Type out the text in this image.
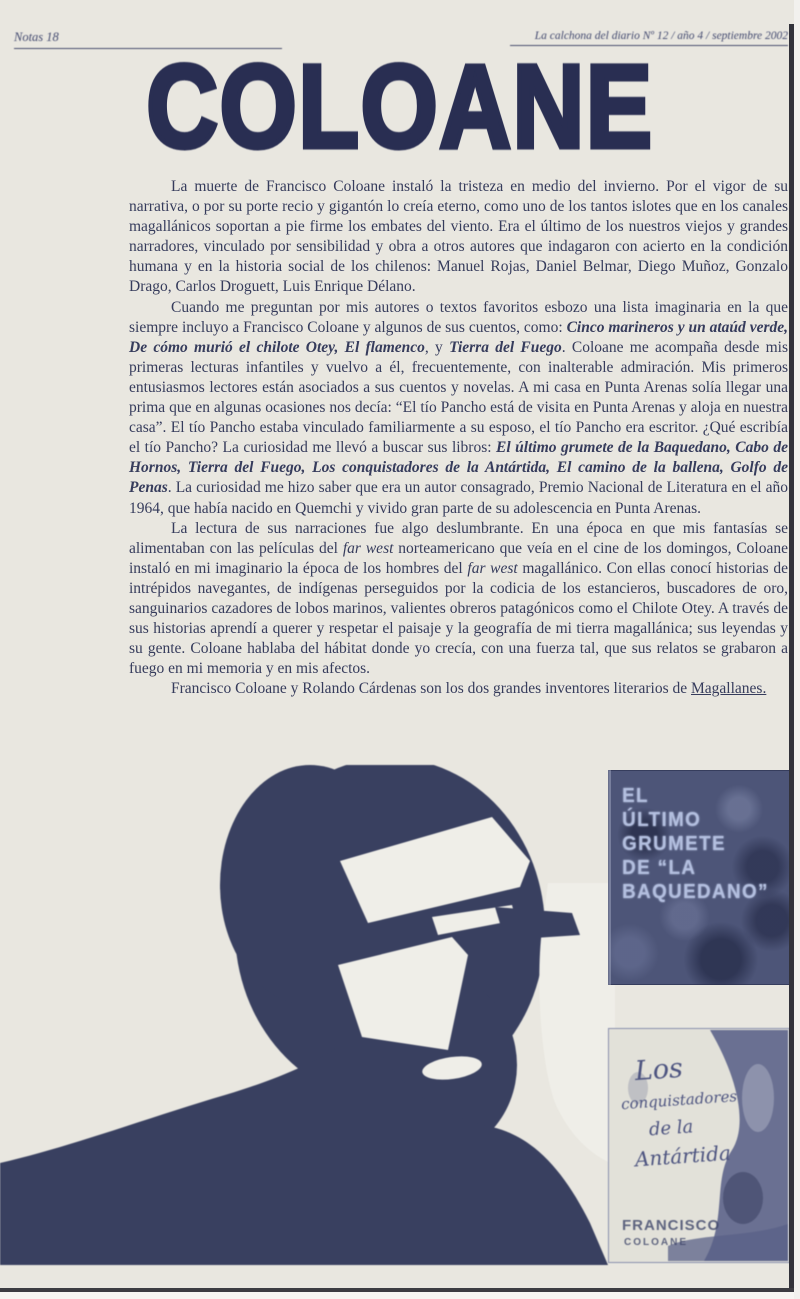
Notas 18	La calchona del diario Nº 12 / año 4 / septiembre 2002
COLOANE

La muerte de Francisco Coloane instaló la tristeza en medio del invierno. Por el vigor de su narrativa, o por su porte recio y gigantón lo creía eterno, como uno de los tantos islotes que en los canales magallánicos soportan a pie firme los embates del viento. Era el último de los nuestros viejos y grandes narradores, vinculado por sensibilidad y obra a otros autores que indagaron con acierto en la condición humana y en la historia social de los chilenos: Manuel Rojas, Daniel Belmar, Diego Muñoz, Gonzalo Drago, Carlos Droguett, Luis Enrique Délano.

Cuando me preguntan por mis autores o textos favoritos esbozo una lista imaginaria en la que siempre incluyo a Francisco Coloane y algunos de sus cuentos, como: Cinco marineros y un ataúd verde, De cómo murió el chilote Otey, El flamenco, y Tierra del Fuego. Coloane me acompaña desde mis primeras lecturas infantiles y vuelvo a él, frecuentemente, con inalterable admiración. Mis primeros entusiasmos lectores están asociados a sus cuentos y novelas. A mi casa en Punta Arenas solía llegar una prima que en algunas ocasiones nos decía: “El tío Pancho está de visita en Punta Arenas y aloja en nuestra casa”. El tío Pancho estaba vinculado familiarmente a su esposo, el tío Pancho era escritor. ¿Qué escribía el tío Pancho? La curiosidad me llevó a buscar sus libros: El último grumete de la Baquedano, Cabo de Hornos, Tierra del Fuego, Los conquistadores de la Antártida, El camino de la ballena, Golfo de Penas. La curiosidad me hizo saber que era un autor consagrado, Premio Nacional de Literatura en el año 1964, que había nacido en Quemchi y vivido gran parte de su adolescencia en Punta Arenas.

La lectura de sus narraciones fue algo deslumbrante. En una época en que mis fantasías se alimentaban con las películas del far west norteamericano que veía en el cine de los domingos, Coloane instaló en mi imaginario la época de los hombres del far west magallánico. Con ellas conocí historias de intrépidos navegantes, de indígenas perseguidos por la codicia de los estancieros, buscadores de oro, sanguinarios cazadores de lobos marinos, valientes obreros patagónicos como el Chilote Otey. A través de sus historias aprendí a querer y respetar el paisaje y la geografía de mi tierra magallánica; sus leyendas y su gente. Coloane hablaba del hábitat donde yo crecía, con una fuerza tal, que sus relatos se grabaron a fuego en mi memoria y en mis afectos.

Francisco Coloane y Rolando Cárdenas son los dos grandes inventores literarios de Magallanes.

EL
ÚLTIMO
GRUMETE
DE “LA
BAQUEDANO”
Los
conquistadores
de la
Antártida
FRANCISCO
COLOANE
